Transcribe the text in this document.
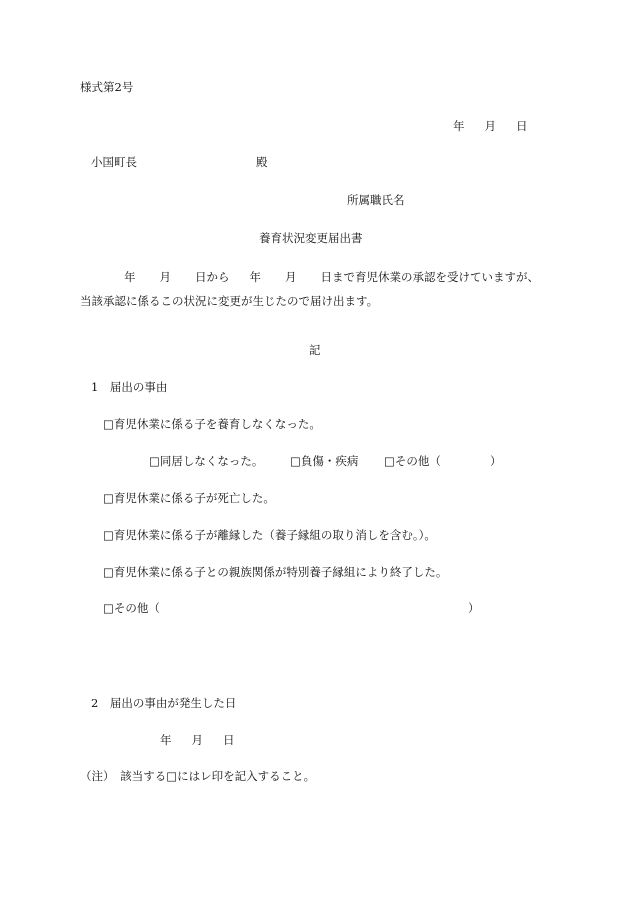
様式第2号
年 月 日
小国町長	殿
所属職氏名
養育状況変更届出書
年 月 日から 年 月 日まで育児休業の承認を受けていますが、
当該承認に係るこの状況に変更が生じたので届け出ます。
記
1　届出の事由
□育児休業に係る子を養育しなくなった。
□同居しなくなった。 □負傷・疾病 □その他（	）
□育児休業に係る子が死亡した。
□育児休業に係る子が離縁した（養子縁組の取り消しを含む。）。
□育児休業に係る子との親族関係が特別養子縁組により終了した。
□その他（	）
2　届出の事由が発生した日
年 月 日
（注）　該当する□にはレ印を記入すること。
